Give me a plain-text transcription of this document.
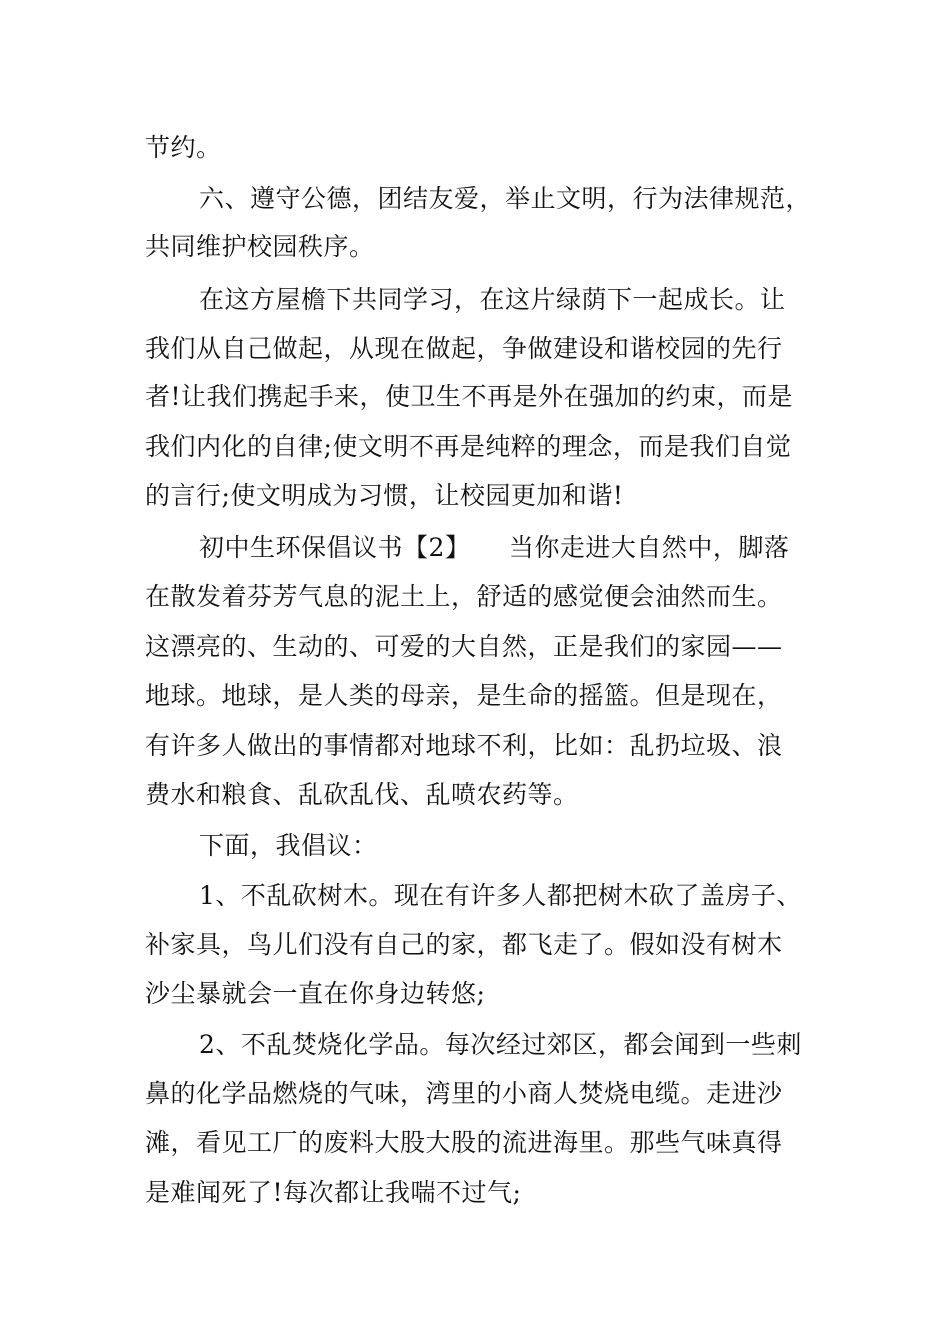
节约。
六、遵守公德，团结友爱，举止文明，行为法律规范，
共同维护校园秩序。
在这方屋檐下共同学习，在这片绿荫下一起成长。让
我们从自己做起，从现在做起，争做建设和谐校园的先行
者!让我们携起手来，使卫生不再是外在强加的约束，而是
我们内化的自律;使文明不再是纯粹的理念，而是我们自觉
的言行;使文明成为习惯，让校园更加和谐!
初中生环保倡议书【2】　　当你走进大自然中，脚落
在散发着芬芳气息的泥土上，舒适的感觉便会油然而生。
这漂亮的、生动的、可爱的大自然，正是我们的家园——
地球。地球，是人类的母亲，是生命的摇篮。但是现在，
有许多人做出的事情都对地球不利，比如：乱扔垃圾、浪
费水和粮食、乱砍乱伐、乱喷农药等。
下面，我倡议：
1、不乱砍树木。现在有许多人都把树木砍了盖房子、
补家具，鸟儿们没有自己的家，都飞走了。假如没有树木
沙尘暴就会一直在你身边转悠;
2、不乱焚烧化学品。每次经过郊区，都会闻到一些刺
鼻的化学品燃烧的气味，湾里的小商人焚烧电缆。走进沙
滩，看见工厂的废料大股大股的流进海里。那些气味真得
是难闻死了!每次都让我喘不过气;
